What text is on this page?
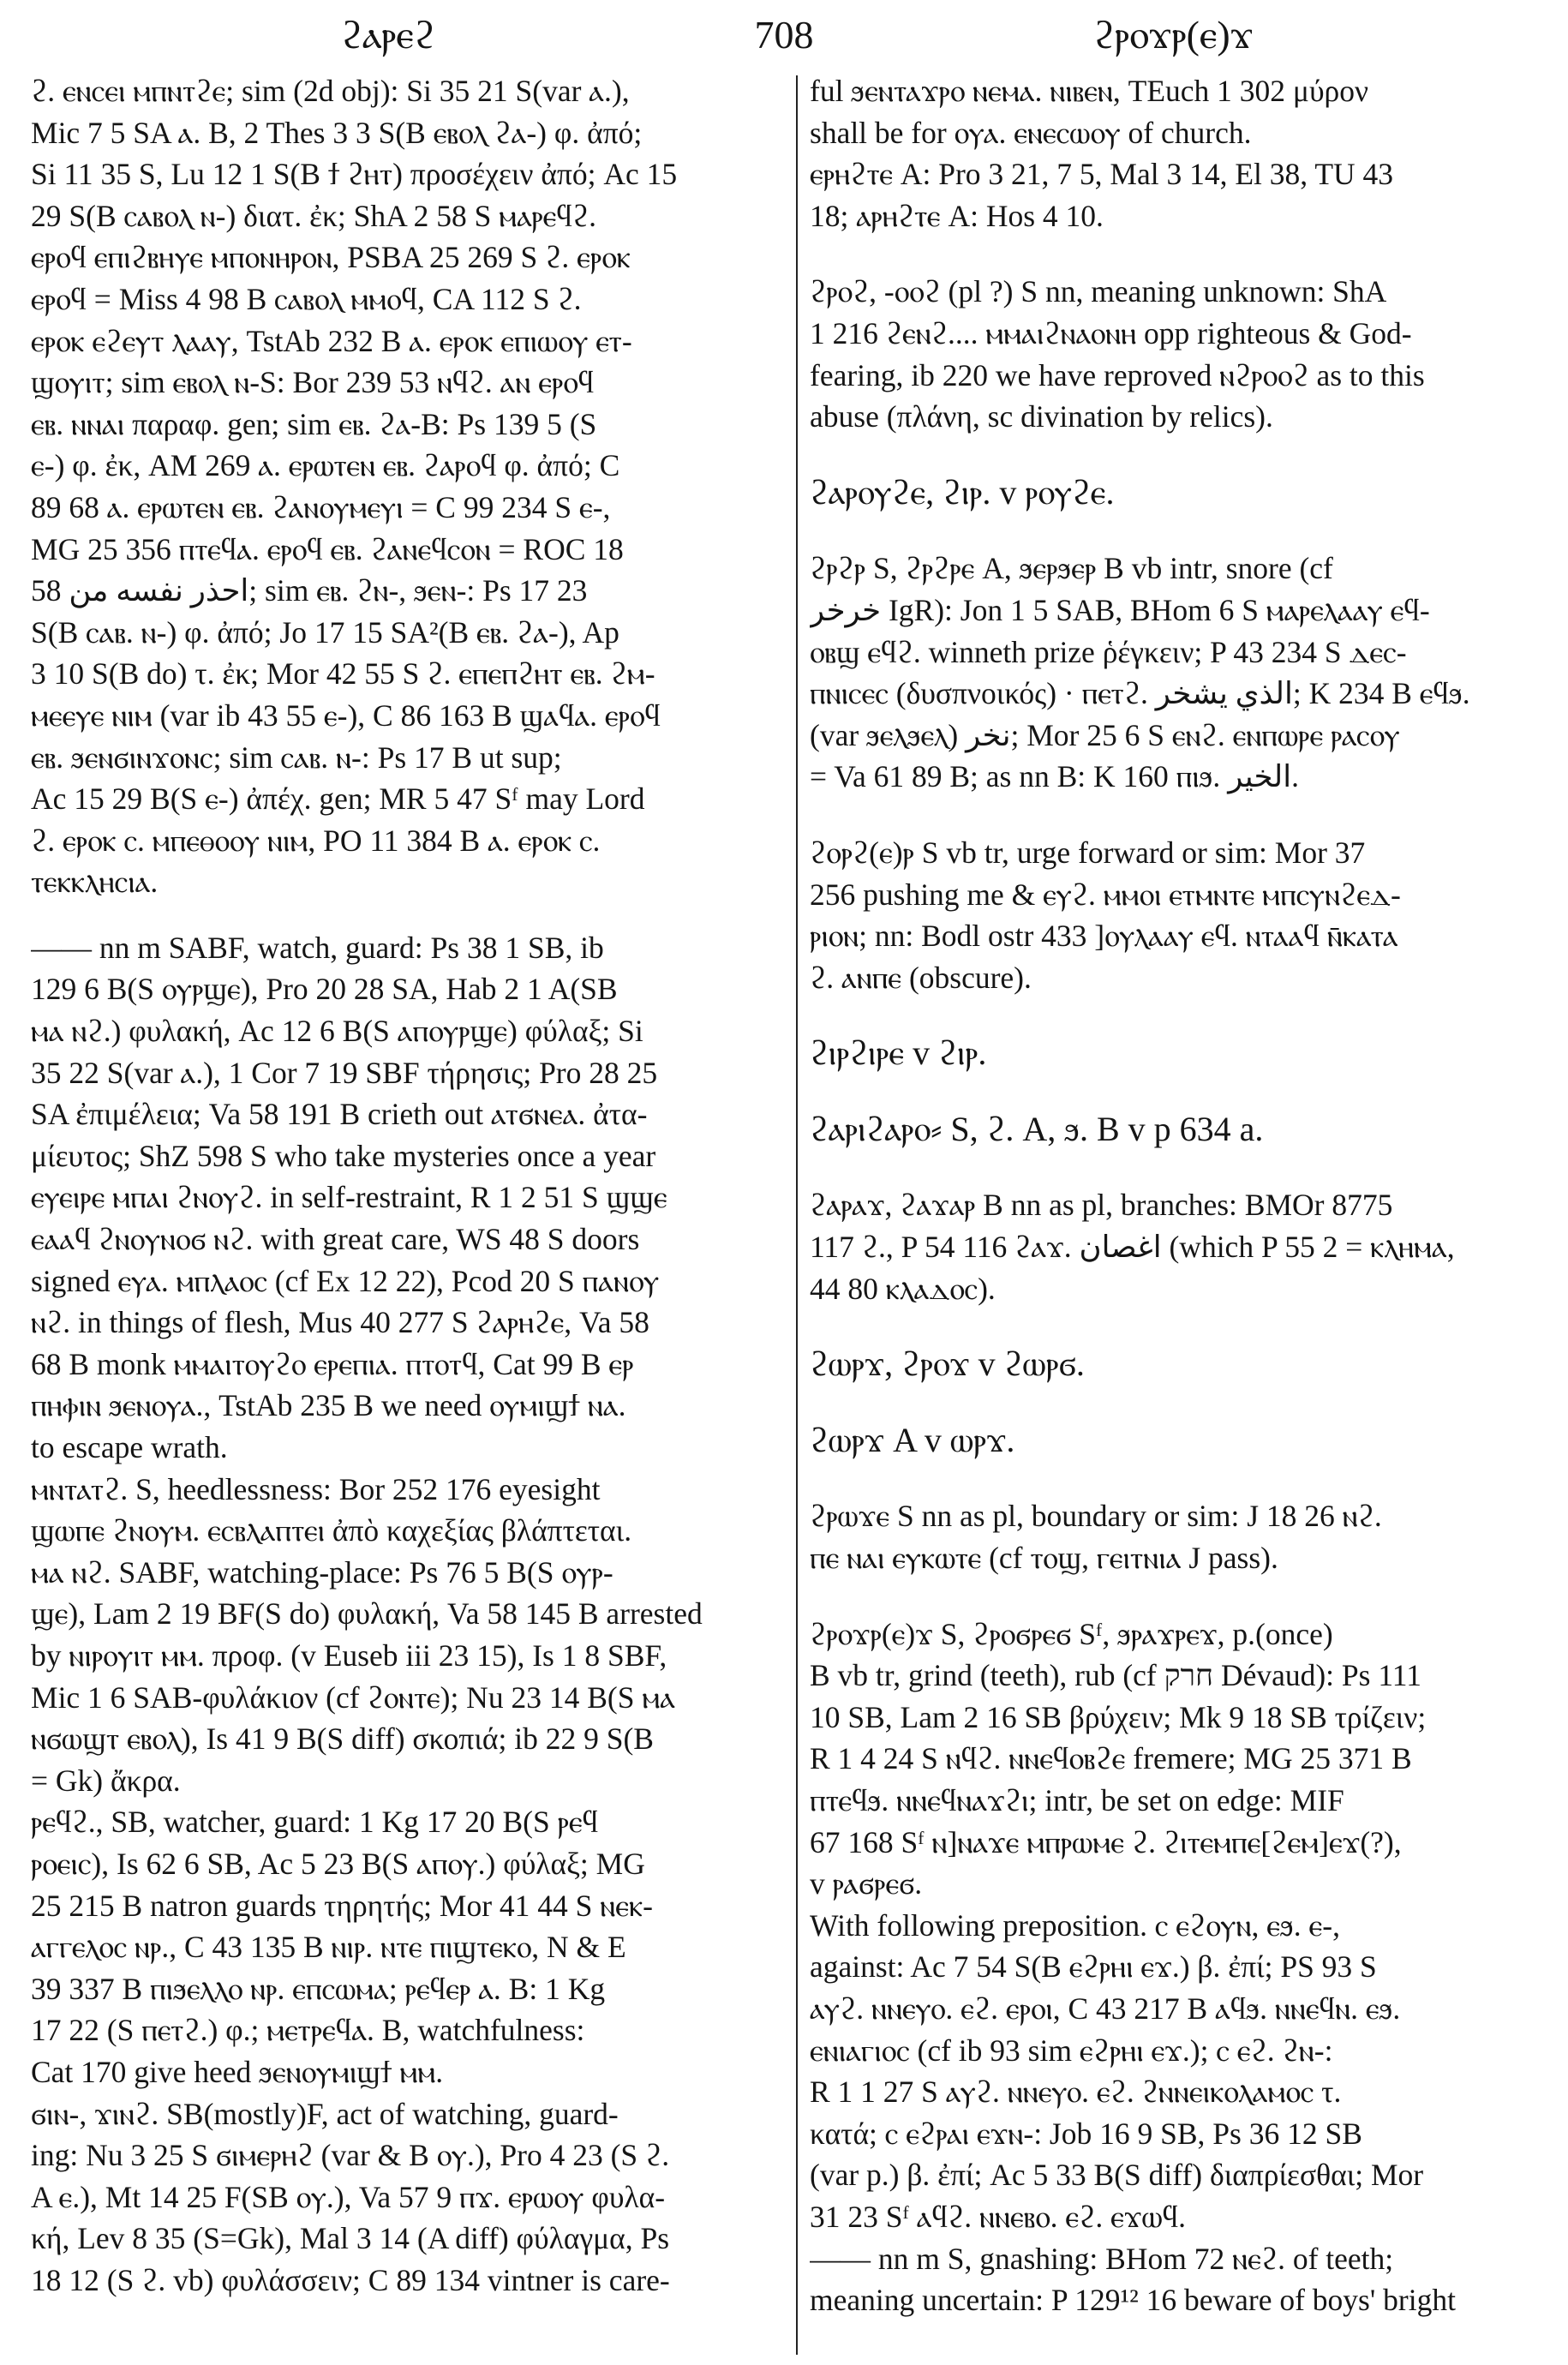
ϩⲁⲣⲉϩ	708	ϩⲣⲟϫⲣ(ⲉ)ϫ
ϩ. ⲉⲛⲥⲉⲓ ⲙⲡⲛⲧϩⲉ; sim (2d obj): Si 35 21 S(var ⲁ.),
Mic 7 5 SA ⲁ. B, 2 Thes 3 3 S(B ⲉⲃⲟⲗ ϩⲁ-) φ. ἀπό;
Si 11 35 S, Lu 12 1 S(B ϯ ϩⲏⲧ) προσέχειν ἀπό; Ac 15
29 S(B ⲥⲁⲃⲟⲗ ⲛ-) διατ. ἐκ; ShA 2 58 S ⲙⲁⲣⲉϥϩ.
ⲉⲣⲟϥ ⲉⲡⲓϩⲃⲏⲩⲉ ⲙⲡⲟⲛⲏⲣⲟⲛ, PSBA 25 269 S ϩ. ⲉⲣⲟⲕ
ⲉⲣⲟϥ = Miss 4 98 B ⲥⲁⲃⲟⲗ ⲙⲙⲟϥ, CA 112 S ϩ.
ⲉⲣⲟⲕ ⲉϩⲉⲩⲧ ⲗⲁⲁⲩ, TstAb 232 B ⲁ. ⲉⲣⲟⲕ ⲉⲡⲓⲱⲟⲩ ⲉⲧ-
ϣⲟⲩⲓⲧ; sim ⲉⲃⲟⲗ ⲛ-S: Bor 239 53 ⲛϥϩ. ⲁⲛ ⲉⲣⲟϥ
ⲉⲃ. ⲛⲛⲁⲓ παραφ. gen; sim ⲉⲃ. ϩⲁ-B: Ps 139 5 (S
ⲉ-) φ. ἐκ, AM 269 ⲁ. ⲉⲣⲱⲧⲉⲛ ⲉⲃ. ϩⲁⲣⲟϥ φ. ἀπό; C
89 68 ⲁ. ⲉⲣⲱⲧⲉⲛ ⲉⲃ. ϩⲁⲛⲟⲩⲙⲉⲩⲓ = C 99 234 S ⲉ-,
MG 25 356 ⲡⲧⲉϥⲁ. ⲉⲣⲟϥ ⲉⲃ. ϩⲁⲛⲉϥⲥⲟⲛ = ROC 18
58 احذر نفسه من; sim ⲉⲃ. ϩⲛ-, ϧⲉⲛ-: Ps 17 23
S(B ⲥⲁⲃ. ⲛ-) φ. ἀπό; Jo 17 15 SA²(B ⲉⲃ. ϩⲁ-), Ap
3 10 S(B do) τ. ἐκ; Mor 42 55 S ϩ. ⲉⲡⲉⲡϩⲏⲧ ⲉⲃ. ϩⲙ-
ⲙⲉⲉⲩⲉ ⲛⲓⲙ (var ib 43 55 ⲉ-), C 86 163 B ϣⲁϥⲁ. ⲉⲣⲟϥ
ⲉⲃ. ϧⲉⲛϭⲓⲛϫⲟⲛⲥ; sim ⲥⲁⲃ. ⲛ-: Ps 17 B ut sup;
Ac 15 29 B(S ⲉ-) ἀπέχ. gen; MR 5 47 Sᶠ may Lord
ϩ. ⲉⲣⲟⲕ ⲥ. ⲙⲡⲉⲑⲟⲟⲩ ⲛⲓⲙ, PO 11 384 B ⲁ. ⲉⲣⲟⲕ ⲥ.
ⲧⲉⲕⲕⲗⲏⲥⲓⲁ.
—— nn m SABF, watch, guard: Ps 38 1 SB, ib
129 6 B(S ⲟⲩⲣϣⲉ), Pro 20 28 SA, Hab 2 1 A(SB
ⲙⲁ ⲛϩ.) φυλακή, Ac 12 6 B(S ⲁⲡⲟⲩⲣϣⲉ) φύλαξ; Si
35 22 S(var ⲁ.), 1 Cor 7 19 SBF τήρησις; Pro 28 25
SA ἐπιμέλεια; Va 58 191 B crieth out ⲁⲧϭⲛⲉⲁ. ἀτα-
μίευτος; ShZ 598 S who take mysteries once a year
ⲉⲩⲉⲓⲣⲉ ⲙⲡⲁⲓ ϩⲛⲟⲩϩ. in self-restraint, R 1 2 51 S ϣϣⲉ
ⲉⲁⲁϥ ϩⲛⲟⲩⲛⲟϭ ⲛϩ. with great care, WS 48 S doors
signed ⲉⲩⲁ. ⲙⲡⲗⲁⲟⲥ (cf Ex 12 22), Pcod 20 S ⲡⲁⲛⲟⲩ
ⲛϩ. in things of flesh, Mus 40 277 S ϩⲁⲣⲏϩⲉ, Va 58
68 B monk ⲙⲙⲁⲓⲧⲟⲩϩⲟ ⲉⲣⲉⲡⲓⲁ. ⲡⲧⲟⲧϥ, Cat 99 B ⲉⲣ
ⲡⲏⲫⲓⲛ ϧⲉⲛⲟⲩⲁ., TstAb 235 B we need ⲟⲩⲙⲓϣϯ ⲛⲁ.
to escape wrath.
ⲙⲛⲧⲁⲧϩ. S, heedlessness: Bor 252 176 eyesight
ϣⲱⲡⲉ ϩⲛⲟⲩⲙ. ⲉⲥⲃⲗⲁⲡⲧⲉⲓ ἀπὸ καχεξίας βλάπτεται.
ⲙⲁ ⲛϩ. SABF, watching-place: Ps 76 5 B(S ⲟⲩⲣ-
ϣⲉ), Lam 2 19 BF(S do) φυλακή, Va 58 145 B arrested
by ⲛⲓⲣⲟⲩⲓⲧ ⲙⲙ. προφ. (v Euseb iii 23 15), Is 1 8 SBF,
Mic 1 6 SAB-φυλάκιον (cf ϩⲟⲛⲧⲉ); Nu 23 14 B(S ⲙⲁ
ⲛϭⲱϣⲧ ⲉⲃⲟⲗ), Is 41 9 B(S diff) σκοπιά; ib 22 9 S(B
= Gk) ἄκρα.
ⲣⲉϥϩ., SB, watcher, guard: 1 Kg 17 20 B(S ⲣⲉϥ
ⲣⲟⲉⲓⲥ), Is 62 6 SB, Ac 5 23 B(S ⲁⲡⲟⲩ.) φύλαξ; MG
25 215 B natron guards τηρητής; Mor 41 44 S ⲛⲉⲕ-
ⲁⲅⲅⲉⲗⲟⲥ ⲛⲣ., C 43 135 B ⲛⲓⲣ. ⲛⲧⲉ ⲡⲓϣⲧⲉⲕⲟ, N & E
39 337 B ⲡⲓϧⲉⲗⲗⲟ ⲛⲣ. ⲉⲡⲥⲱⲙⲁ; ⲣⲉϥⲉⲣ ⲁ. B: 1 Kg
17 22 (S ⲡⲉⲧϩ.) φ.; ⲙⲉⲧⲣⲉϥⲁ. B, watchfulness:
Cat 170 give heed ϧⲉⲛⲟⲩⲙⲓϣϯ ⲙⲙ.
ϭⲓⲛ-, ϫⲓⲛϩ. SB(mostly)F, act of watching, guard-
ing: Nu 3 25 S ϭⲓⲙⲉⲣⲏϩ (var & B ⲟⲩ.), Pro 4 23 (S ϩ.
A ⲉ.), Mt 14 25 F(SB ⲟⲩ.), Va 57 9 ⲡϫ. ⲉⲣⲱⲟⲩ φυλα-
κή, Lev 8 35 (S=Gk), Mal 3 14 (A diff) φύλαγμα, Ps
18 12 (S ϩ. vb) φυλάσσειν; C 89 134 vintner is care-
ful ϧⲉⲛⲧⲁϫⲣⲟ ⲛⲉⲙⲁ. ⲛⲓⲃⲉⲛ, TEuch 1 302 μύρον
shall be for ⲟⲩⲁ. ⲉⲛⲉⲥⲱⲟⲩ of church.
ⲉⲣⲏϩⲧⲉ A: Pro 3 21, 7 5, Mal 3 14, El 38, TU 43
18; ⲁⲣⲏϩⲧⲉ A: Hos 4 10.
ϩⲣⲟϩ, -ⲟⲟϩ (pl ?) S nn, meaning unknown: ShA
1 216 ϩⲉⲛϩ.... ⲙⲙⲁⲓϩⲛⲁⲟⲛⲏ opp righteous & God-
fearing, ib 220 we have reproved ⲛϩⲣⲟⲟϩ as to this
abuse (πλάνη, sc divination by relics).
ϩⲁⲣⲟⲩϩⲉ, ϩⲓⲣ. v ⲣⲟⲩϩⲉ.
ϩⲣϩⲣ S, ϩⲣϩⲣⲉ A, ϧⲉⲣϧⲉⲣ B vb intr, snore (cf
خرخر IgR): Jon 1 5 SAB, BHom 6 S ⲙⲁⲣⲉⲗⲁⲁⲩ ⲉϥ-
ⲟⲃϣ ⲉϥϩ. winneth prize ῥέγκειν; P 43 234 S ⲇⲉⲥ-
ⲡⲛⲓⲥⲉⲥ (δυσπνοικός) · ⲡⲉⲧϩ. الذي يشخر; K 234 B ⲉϥϧ.
(var ϧⲉⲗϧⲉⲗ) نخر; Mor 25 6 S ⲉⲛϩ. ⲉⲛⲡⲱⲣⲉ ⲣⲁⲥⲟⲩ
= Va 61 89 B; as nn B: K 160 ⲡⲓϧ. الخير.
ϩⲟⲣϩ(ⲉ)ⲣ S vb tr, urge forward or sim: Mor 37
256 pushing me & ⲉⲩϩ. ⲙⲙⲟⲓ ⲉⲧⲙⲛⲧⲉ ⲙⲡⲥⲩⲛϩⲉⲇ-
ⲣⲓⲟⲛ; nn: Bodl ostr 433 ]ⲟⲩⲗⲁⲁⲩ ⲉϥ. ⲛⲧⲁⲁϥ ⲛ̄ⲕⲁⲧⲁ
ϩ. ⲁⲛⲡⲉ (obscure).
ϩⲓⲣϩⲓⲣⲉ v ϩⲓⲣ.
ϩⲁⲣⲓϩⲁⲣⲟ⸗ S, ϩ. A, ϧ. B v p 634 a.
ϩⲁⲣⲁϫ, ϩⲁϫⲁⲣ B nn as pl, branches: BMOr 8775
117 ϩ., P 54 116 ϩⲁϫ. اغصان (which P 55 2 = ⲕⲗⲏⲙⲁ,
44 80 ⲕⲗⲁⲇⲟⲥ).
ϩⲱⲣϫ, ϩⲣⲟϫ v ϩⲱⲣϭ.
ϩⲱⲣϫ A v ⲱⲣϫ.
ϩⲣⲱϫⲉ S nn as pl, boundary or sim: J 18 26 ⲛϩ.
ⲡⲉ ⲛⲁⲓ ⲉⲩⲕⲱⲧⲉ (cf ⲧⲟϣ, ⲅⲉⲓⲧⲛⲓⲁ J pass).
ϩⲣⲟϫⲣ(ⲉ)ϫ S, ϩⲣⲟϭⲣⲉϭ Sᶠ, ϧⲣⲁϫⲣⲉϫ, p.(once)
B vb tr, grind (teeth), rub (cf חרק Dévaud): Ps 111
10 SB, Lam 2 16 SB βρύχειν; Mk 9 18 SB τρίζειν;
R 1 4 24 S ⲛϥϩ. ⲛⲛⲉϥⲟⲃϩⲉ fremere; MG 25 371 B
ⲡⲧⲉϥϧ. ⲛⲛⲉϥⲛⲁϫϩⲓ; intr, be set on edge: MIF
67 168 Sᶠ ⲛ]ⲛⲁϫⲉ ⲙⲡⲣⲱⲙⲉ ϩ. ϩⲓⲧⲉⲙⲡⲉ[ϩⲉⲙ]ⲉϫ(?),
v ⲣⲁϭⲣⲉϭ.
With following preposition. ⲥ ⲉϩⲟⲩⲛ, ⲉϧ. ⲉ-,
against: Ac 7 54 S(B ⲉϩⲣⲏⲓ ⲉϫ.) β. ἐπί; PS 93 S
ⲁⲩϩ. ⲛⲛⲉⲩⲟ. ⲉϩ. ⲉⲣⲟⲓ, C 43 217 B ⲁϥϧ. ⲛⲛⲉϥⲛ. ⲉϧ.
ⲉⲛⲓⲁⲅⲓⲟⲥ (cf ib 93 sim ⲉϩⲣⲏⲓ ⲉϫ.); ⲥ ⲉϩ. ϩⲛ-:
R 1 1 27 S ⲁⲩϩ. ⲛⲛⲉⲩⲟ. ⲉϩ. ϩⲛⲛⲉⲓⲕⲟⲗⲁⲙⲟⲥ τ.
κατά; ⲥ ⲉϩⲣⲁⲓ ⲉϫⲛ-: Job 16 9 SB, Ps 36 12 SB
(var p.) β. ἐπί; Ac 5 33 B(S diff) διαπρίεσθαι; Mor
31 23 Sᶠ ⲁϥϩ. ⲛⲛⲉⲃⲟ. ⲉϩ. ⲉϫⲱϥ.
—— nn m S, gnashing: BHom 72 ⲛⲉϩ. of teeth;
meaning uncertain: P 129¹² 16 beware of boys' bright
